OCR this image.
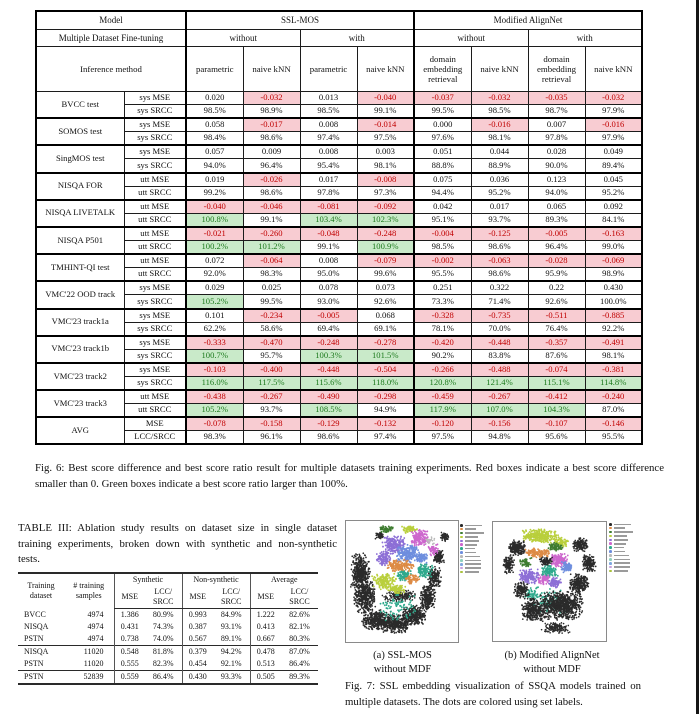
Model		SSL-MOS				Modified AlignNet			
Multiple Dataset Fine-tuning		without		with		without		with	
Inference method		parametric	naive kNN	parametric	naive kNN	domain embedding retrieval	naive kNN	domain embedding retrieval	naive kNN
BVCC test	sys MSE	0.020	-0.032	0.013	-0.040	-0.037	-0.032	-0.035	-0.032
	sys SRCC	98.5%	98.9%	98.5%	99.1%	99.5%	98.5%	98.7%	97.9%
SOMOS test	sys MSE	0.058	-0.017	0.008	-0.014	0.000	-0.016	0.007	-0.016
	sys SRCC	98.4%	98.6%	97.4%	97.5%	97.6%	98.1%	97.8%	97.9%
SingMOS test	sys MSE	0.057	0.009	0.008	0.003	0.051	0.044	0.028	0.049
	sys SRCC	94.0%	96.4%	95.4%	98.1%	88.8%	88.9%	90.0%	89.4%
NISQA FOR	utt MSE	0.019	-0.026	0.017	-0.008	0.075	0.036	0.123	0.045
	utt SRCC	99.2%	98.6%	97.8%	97.3%	94.4%	95.2%	94.0%	95.2%
NISQA LIVETALK	utt MSE	-0.040	-0.046	-0.081	-0.092	0.042	0.017	0.065	0.092
	utt SRCC	100.8%	99.1%	103.4%	102.3%	95.1%	93.7%	89.3%	84.1%
NISQA P501	utt MSE	-0.021	-0.260	-0.048	-0.248	-0.004	-0.125	-0.005	-0.163
	utt SRCC	100.2%	101.2%	99.1%	100.9%	98.5%	98.6%	96.4%	99.0%
TMHINT-QI test	utt MSE	0.072	-0.064	0.008	-0.079	-0.002	-0.063	-0.028	-0.069
	utt SRCC	92.0%	98.3%	95.0%	99.6%	95.5%	98.6%	95.9%	98.9%
VMC'22 OOD track	sys MSE	0.029	0.025	0.078	0.073	0.251	0.322	0.22	0.430
	sys SRCC	105.2%	99.5%	93.0%	92.6%	73.3%	71.4%	92.6%	100.0%
VMC'23 track1a	sys MSE	0.101	-0.234	-0.005	0.068	-0.328	-0.735	-0.511	-0.885
	sys SRCC	62.2%	58.6%	69.4%	69.1%	78.1%	70.0%	76.4%	92.2%
VMC'23 track1b	sys MSE	-0.333	-0.470	-0.248	-0.278	-0.420	-0.448	-0.357	-0.491
	sys SRCC	100.7%	95.7%	100.3%	101.5%	90.2%	83.8%	87.6%	98.1%
VMC'23 track2	sys MSE	-0.103	-0.400	-0.448	-0.504	-0.266	-0.488	-0.074	-0.381
	sys SRCC	116.0%	117.5%	115.6%	118.0%	120.8%	121.4%	115.1%	114.8%
VMC'23 track3	utt MSE	-0.438	-0.267	-0.490	-0.298	-0.459	-0.267	-0.412	-0.240
	utt SRCC	105.2%	93.7%	108.5%	94.9%	117.9%	107.0%	104.3%	87.0%
AVG	MSE	-0.078	-0.158	-0.129	-0.132	-0.120	-0.156	-0.107	-0.146
	LCC/SRCC	98.3%	96.1%	98.6%	97.4%	97.5%	94.8%	95.6%	95.5%
Fig. 6: Best score difference and best score ratio result for multiple datasets training experiments. Red boxes indicate a best score difference smaller than 0. Green boxes indicate a best score ratio larger than 100%.
TABLE III: Ablation study results on dataset size in single dataset training experiments, broken down with synthetic and non-synthetic tests.
Training dataset	# training samples	Synthetic		Non-synthetic		Average	
		MSE	LCC/ SRCC	MSE	LCC/ SRCC	MSE	LCC/ SRCC
BVCC	4974	1.386	80.9%	0.993	84.9%	1.222	82.6%
NISQA	4974	0.431	74.3%	0.387	93.1%	0.413	82.1%
PSTN	4974	0.738	74.0%	0.567	89.1%	0.667	80.3%
NISQA	11020	0.548	81.8%	0.379	94.2%	0.478	87.0%
PSTN	11020	0.555	82.3%	0.454	92.1%	0.513	86.4%
PSTN	52839	0.559	86.4%	0.430	93.3%	0.505	89.3%
(a) SSL-MOS
without MDF
(b) Modified AlignNet
without MDF
Fig. 7: SSL embedding visualization of SSQA models trained on multiple datasets. The dots are colored using set labels.
